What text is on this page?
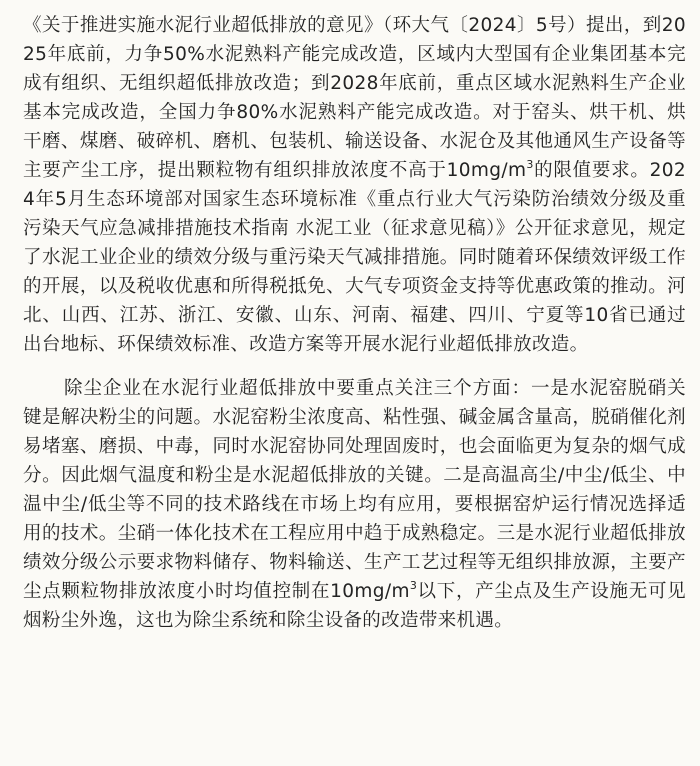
《关于推进实施水泥行业超低排放的意见》（环大气〔2024〕5号）提出，到2025年底前，力争50%水泥熟料产能完成改造，区域内大型国有企业集团基本完成有组织、无组织超低排放改造；到2028年底前，重点区域水泥熟料生产企业基本完成改造，全国力争80%水泥熟料产能完成改造。对于窑头、烘干机、烘干磨、煤磨、破碎机、磨机、包装机、输送设备、水泥仓及其他通风生产设备等主要产尘工序，提出颗粒物有组织排放浓度不高于$10mg/m^3$的限值要求。2024年5月生态环境部对国家生态环境标准《重点行业大气污染防治绩效分级及重污染天气应急减排措施技术指南 水泥工业（征求意见稿）》公开征求意见，规定了水泥工业企业的绩效分级与重污染天气减排措施。同时随着环保绩效评级工作的开展，以及税收优惠和所得税抵免、大气专项资金支持等优惠政策的推动。河北、山西、江苏、浙江、安徽、山东、河南、福建、四川、宁夏等10省已通过出台地标、环保绩效标准、改造方案等开展水泥行业超低排放改造。

除尘企业在水泥行业超低排放中要重点关注三个方面：一是水泥窑脱硝关键是解决粉尘的问题。水泥窑粉尘浓度高、粘性强、碱金属含量高，脱硝催化剂易堵塞、磨损、中毒，同时水泥窑协同处理固废时，也会面临更为复杂的烟气成分。因此烟气温度和粉尘是水泥超低排放的关键。二是高温高尘/中尘/低尘、中温中尘/低尘等不同的技术路线在市场上均有应用，要根据窑炉运行情况选择适用的技术。尘硝一体化技术在工程应用中趋于成熟稳定。三是水泥行业超低排放绩效分级公示要求物料储存、物料输送、生产工艺过程等无组织排放源，主要产尘点颗粒物排放浓度小时均值控制在$10mg/m^3$以下，产尘点及生产设施无可见烟粉尘外逸，这也为除尘系统和除尘设备的改造带来机遇。
